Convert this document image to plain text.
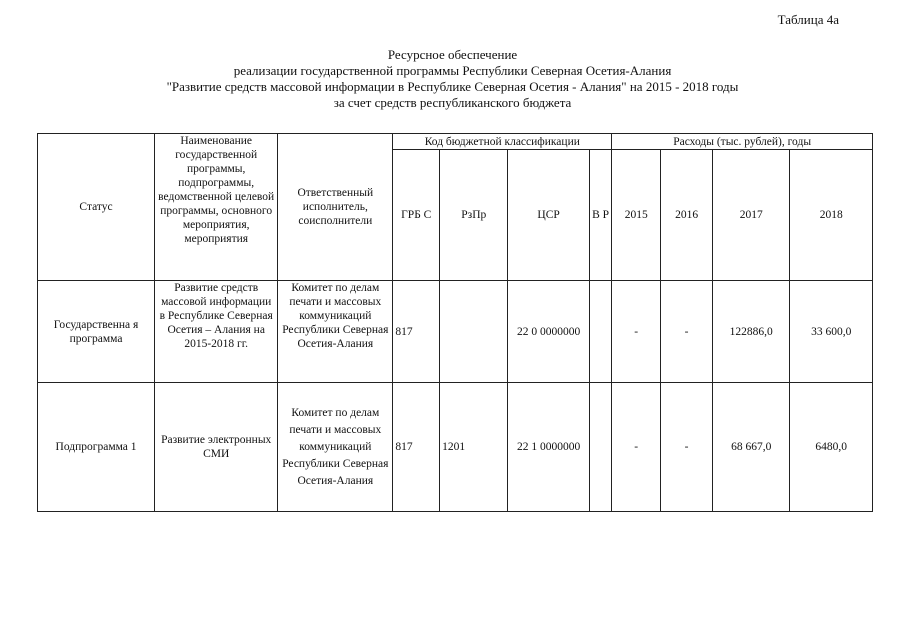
Таблица 4а
Ресурсное обеспечение
реализации государственной программы Республики Северная Осетия-Алания
"Развитие средств массовой информации в Республике Северная Осетия - Алания" на 2015 - 2018 годы
за счет средств республиканского бюджета
Статус	Наименование государственной программы, подпрограммы, ведомственной целевой программы, основного мероприятия, мероприятия	Ответственный исполнитель, соисполнители	Код бюджетной классификации				Расходы (тыс. рублей), годы			
			ГРБ С	РзПр	ЦСР	В Р	2015	2016	2017	2018
Государственна я программа	Развитие средств массовой информации в Республике Северная Осетия – Алания на 2015-2018 гг.	Комитет по делам печати и массовых коммуникаций Республики Северная Осетия-Алания	817		22 0 0000000		-	-	122886,0	33 600,0
Подпрограмма 1	Развитие электронных СМИ	Комитет по делам печати и массовых коммуникаций Республики Северная Осетия-Алания	817	1201	22 1 0000000		-	-	68 667,0	6480,0
